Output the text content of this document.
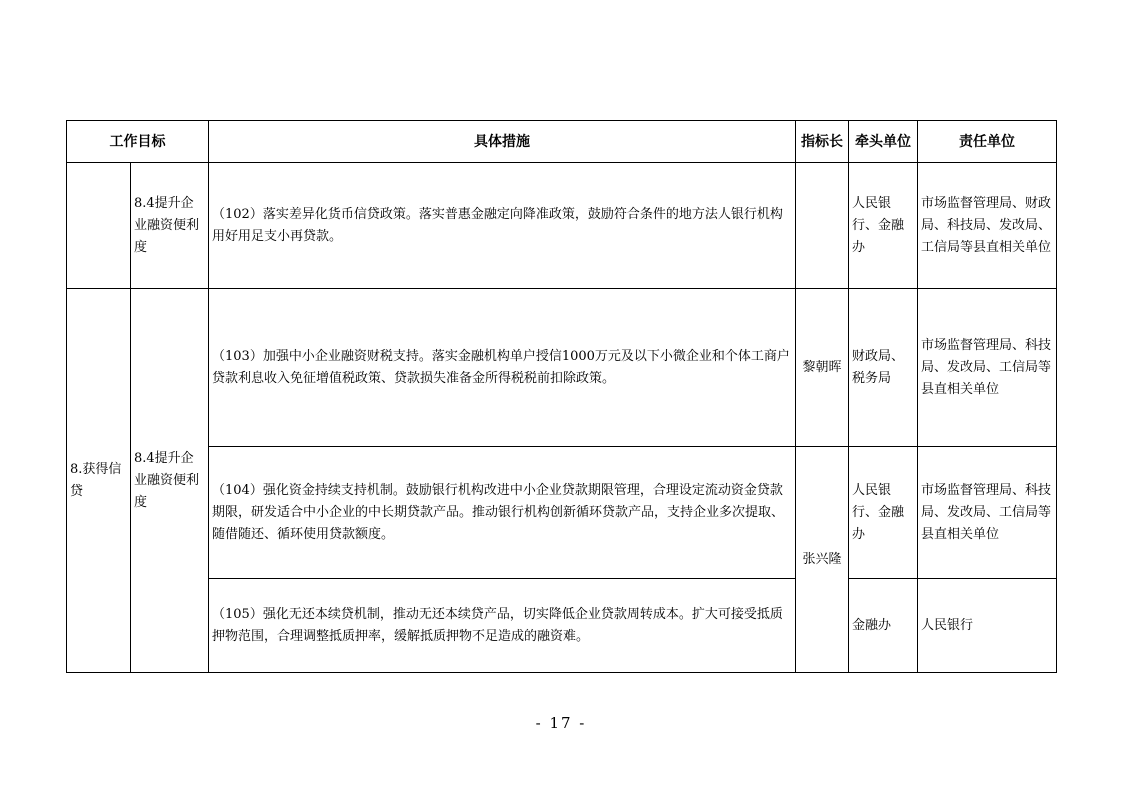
工作目标		具体措施	指标长	牵头单位	责任单位
	8.4提升企业融资便利度	（102）落实差异化货币信贷政策。落实普惠金融定向降准政策，鼓励符合条件的地方法人银行机构用好用足支小再贷款。		人民银行、金融办	市场监督管理局、财政局、科技局、发改局、工信局等县直相关单位
8.获得信贷	8.4提升企业融资便利度	（103）加强中小企业融资财税支持。落实金融机构单户授信1000万元及以下小微企业和个体工商户贷款利息收入免征增值税政策、贷款损失准备金所得税税前扣除政策。	黎朝晖	财政局、税务局	市场监督管理局、科技局、发改局、工信局等县直相关单位
		（104）强化资金持续支持机制。鼓励银行机构改进中小企业贷款期限管理，合理设定流动资金贷款期限，研发适合中小企业的中长期贷款产品。推动银行机构创新循环贷款产品，支持企业多次提取、随借随还、循环使用贷款额度。	张兴隆	人民银行、金融办	市场监督管理局、科技局、发改局、工信局等县直相关单位
		（105）强化无还本续贷机制，推动无还本续贷产品，切实降低企业贷款周转成本。扩大可接受抵质押物范围，合理调整抵质押率，缓解抵质押物不足造成的融资难。		金融办	人民银行
- 17 -
